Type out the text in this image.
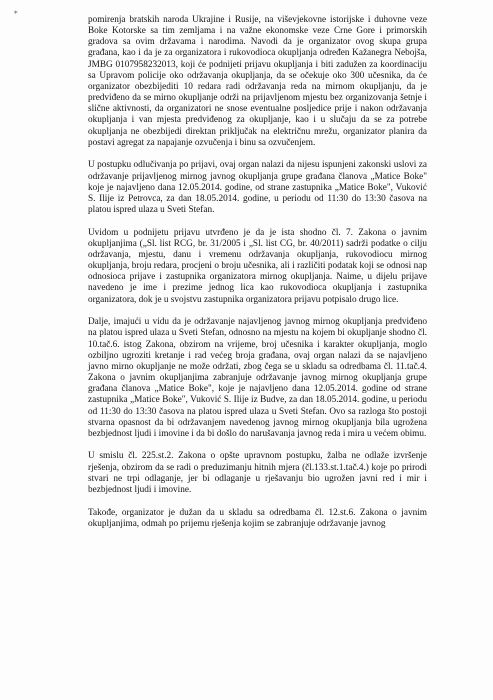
*

pomirenja bratskih naroda Ukrajine i Rusije, na viševjekovne istorijske i duhovne veze Boke Kotorske sa tim zemljama i na važne ekonomske veze Crne Gore i primorskih gradova sa ovim državama i narodima. Navodi da je organizator ovog skupa grupa građana, kao i da je za organizatora i rukovodioca okupljanja određen Kažanegra Nebojša, JMBG 0107958232013, koji će podnijeti prijavu okupljanja i biti zadužen za koordinaciju sa Upravom policije oko održavanja okupljanja, da se očekuje oko 300 učesnika, da će organizator obezbijediti 10 redara radi održavanja reda na mirnom okupljanju, da je predviđeno da se mirno okupljanje održi na prijavljenom mjestu bez organizovanja šetnje i slične aktivnosti, da organizatori ne snose eventualne posljedice prije i nakon održavanja okupljanja i van mjesta predviđenog za okupljanje, kao i u slučaju da se za potrebe okupljanja ne obezbijedi direktan priključak na električnu mrežu, organizator planira da postavi agregat za napajanje ozvučenja i binu sa ozvučenjem.

U postupku odlučivanja po prijavi, ovaj organ nalazi da nijesu ispunjeni zakonski uslovi za održavanje prijavljenog mirnog javnog okupljanja grupe građana članova „Matice Boke" koje je najavljeno dana 12.05.2014. godine, od strane zastupnika „Matice Boke", Vuković S. Ilije iz Petrovca, za dan 18.05.2014. godine, u periodu od 11:30 do 13:30 časova na platou ispred ulaza u Sveti Stefan.

Uvidom u podnijetu prijavu utvrđeno je da je ista shodno čl. 7. Zakona o javnim okupljanjima („Sl. list RCG, br. 31/2005 i „Sl. list CG, br. 40/2011) sadrži podatke o cilju održavanja, mjestu, danu i vremenu održavanja okupljanja, rukovodiocu mirnog okupljanja, broju redara, procjeni o broju učesnika, ali i različiti podatak koji se odnosi nap odnosioca prijave i zastupnika organizatora mirnog okupljanja. Naime, u dijelu prijave navedeno je ime i prezime jednog lica kao rukovodioca okupljanja i zastupnika organizatora, dok je u svojstvu zastupnika organizatora prijavu potpisalo drugo lice.

Dalje, imajući u vidu da je održavanje najavljenog javnog mirnog okupljanja predviđeno na platou ispred ulaza u Sveti Stefan, odnosno na mjestu na kojem bi okupljanje shodno čl. 10.tač.6. istog Zakona, obzirom na vrijeme, broj učesnika i karakter okupljanja, moglo ozbiljno ugroziti kretanje i rad većeg broja građana, ovaj organ nalazi da se najavljeno javno mirno okupljanje ne može održati, zbog čega se u skladu sa odredbama čl. 11.tač.4. Zakona o javnim okupljanjima zabranjuje održavanje javnog mirnog okupljanja grupe građana članova „Matice Boke", koje je najavljeno dana 12.05.2014. godine od strane zastupnika „Matice Boke", Vuković S. Ilije iz Budve, za dan 18.05.2014. godine, u periodu od 11:30 do 13:30 časova na platou ispred ulaza u Sveti Stefan. Ovo sa razloga što postoji stvarna opasnost da bi održavanjem navedenog javnog mirnog okupljanja bila ugrožena bezbjednost ljudi i imovine i da bi došlo do narušavanja javnog reda i mira u većem obimu.

U smislu čl. 225.st.2. Zakona o opšte upravnom postupku, žalba ne odlaže izvršenje rješenja, obzirom da se radi o preduzimanju hitnih mjera (čl.133.st.1.tač.4.) koje po prirodi stvari ne trpi odlaganje, jer bi odlaganje u rješavanju bio ugrožen javni red i mir i bezbjednost ljudi i imovine.

Takođe, organizator je dužan da u skladu sa odredbama čl. 12.st.6. Zakona o javnim okupljanjima, odmah po prijemu rješenja kojim se zabranjuje održavanje javnog
